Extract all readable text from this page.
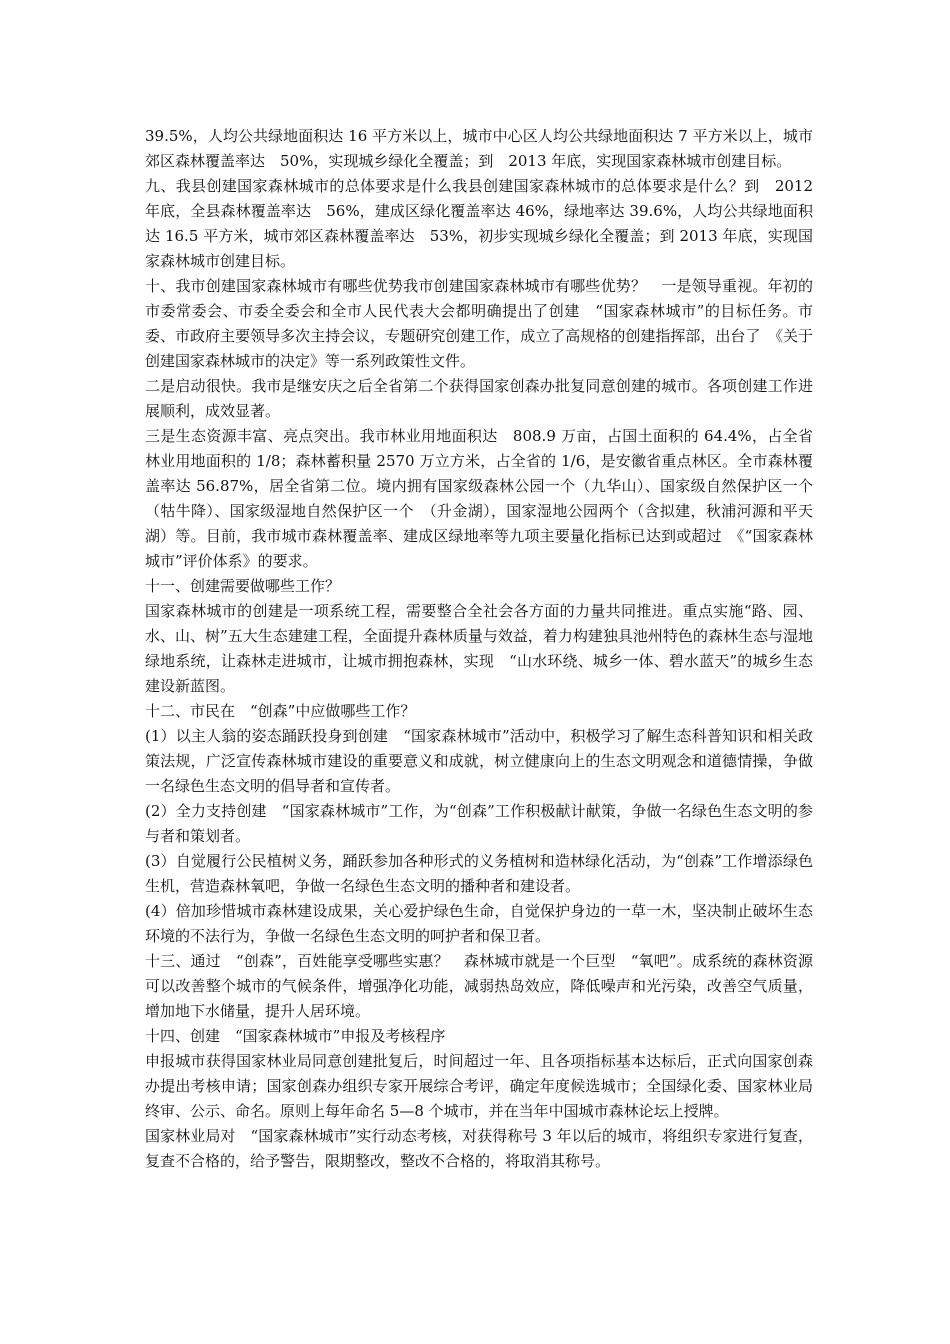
39.5%，人均公共绿地面积达 16 平方米以上，城市中心区人均公共绿地面积达 7 平方米以上，城市郊区森林覆盖率达　50%，实现城乡绿化全覆盖；到　2013 年底，实现国家森林城市创建目标。

九、我县创建国家森林城市的总体要求是什么我县创建国家森林城市的总体要求是什么？到　2012 年底，全县森林覆盖率达　56%，建成区绿化覆盖率达 46%，绿地率达 39.6%，人均公共绿地面积达 16.5 平方米，城市郊区森林覆盖率达　53%，初步实现城乡绿化全覆盖；到 2013 年底，实现国家森林城市创建目标。

十、我市创建国家森林城市有哪些优势我市创建国家森林城市有哪些优势？　一是领导重视。年初的市委常委会、市委全委会和全市人民代表大会都明确提出了创建　“国家森林城市”的目标任务。市委、市政府主要领导多次主持会议，专题研究创建工作，成立了高规格的创建指挥部，出台了　《关于创建国家森林城市的决定》等一系列政策性文件。

二是启动很快。我市是继安庆之后全省第二个获得国家创森办批复同意创建的城市。各项创建工作进展顺利，成效显著。

三是生态资源丰富、亮点突出。我市林业用地面积达　808.9 万亩，占国土面积的 64.4%，占全省林业用地面积的 1/8；森林蓄积量 2570 万立方米，占全省的 1/6，是安徽省重点林区。全市森林覆盖率达 56.87%，居全省第二位。境内拥有国家级森林公园一个（九华山）、国家级自然保护区一个　（牯牛降）、国家级湿地自然保护区一个　（升金湖），国家湿地公园两个（含拟建，秋浦河源和平天湖）等。目前，我市城市森林覆盖率、建成区绿地率等九项主要量化指标已达到或超过　《“国家森林城市”评价体系》的要求。

十一、创建需要做哪些工作？

国家森林城市的创建是一项系统工程，需要整合全社会各方面的力量共同推进。重点实施“路、园、水、山、树”五大生态建建工程，全面提升森林质量与效益，着力构建独具池州特色的森林生态与湿地绿地系统，让森林走进城市，让城市拥抱森林，实现　“山水环绕、城乡一体、碧水蓝天”的城乡生态建设新蓝图。

十二、市民在　“创森”中应做哪些工作？

(1）以主人翁的姿态踊跃投身到创建　“国家森林城市”活动中，积极学习了解生态科普知识和相关政策法规，广泛宣传森林城市建设的重要意义和成就，树立健康向上的生态文明观念和道德情操，争做一名绿色生态文明的倡导者和宣传者。

(2）全力支持创建　“国家森林城市”工作，为“创森”工作积极献计献策，争做一名绿色生态文明的参与者和策划者。

(3）自觉履行公民植树义务，踊跃参加各种形式的义务植树和造林绿化活动，为“创森”工作增添绿色生机，营造森林氧吧，争做一名绿色生态文明的播种者和建设者。

(4）倍加珍惜城市森林建设成果，关心爱护绿色生命，自觉保护身边的一草一木，坚决制止破坏生态环境的不法行为，争做一名绿色生态文明的呵护者和保卫者。

十三、通过　“创森”，百姓能享受哪些实惠？　森林城市就是一个巨型　“氧吧”。成系统的森林资源可以改善整个城市的气候条件，增强净化功能，减弱热岛效应，降低噪声和光污染，改善空气质量，增加地下水储量，提升人居环境。

十四、创建　“国家森林城市”申报及考核程序

申报城市获得国家林业局同意创建批复后，时间超过一年、且各项指标基本达标后，正式向国家创森办提出考核申请；国家创森办组织专家开展综合考评，确定年度候选城市；全国绿化委、国家林业局终审、公示、命名。原则上每年命名 5—8 个城市，并在当年中国城市森林论坛上授牌。

国家林业局对　“国家森林城市”实行动态考核，对获得称号 3 年以后的城市，将组织专家进行复查，复查不合格的，给予警告，限期整改，整改不合格的，将取消其称号。
